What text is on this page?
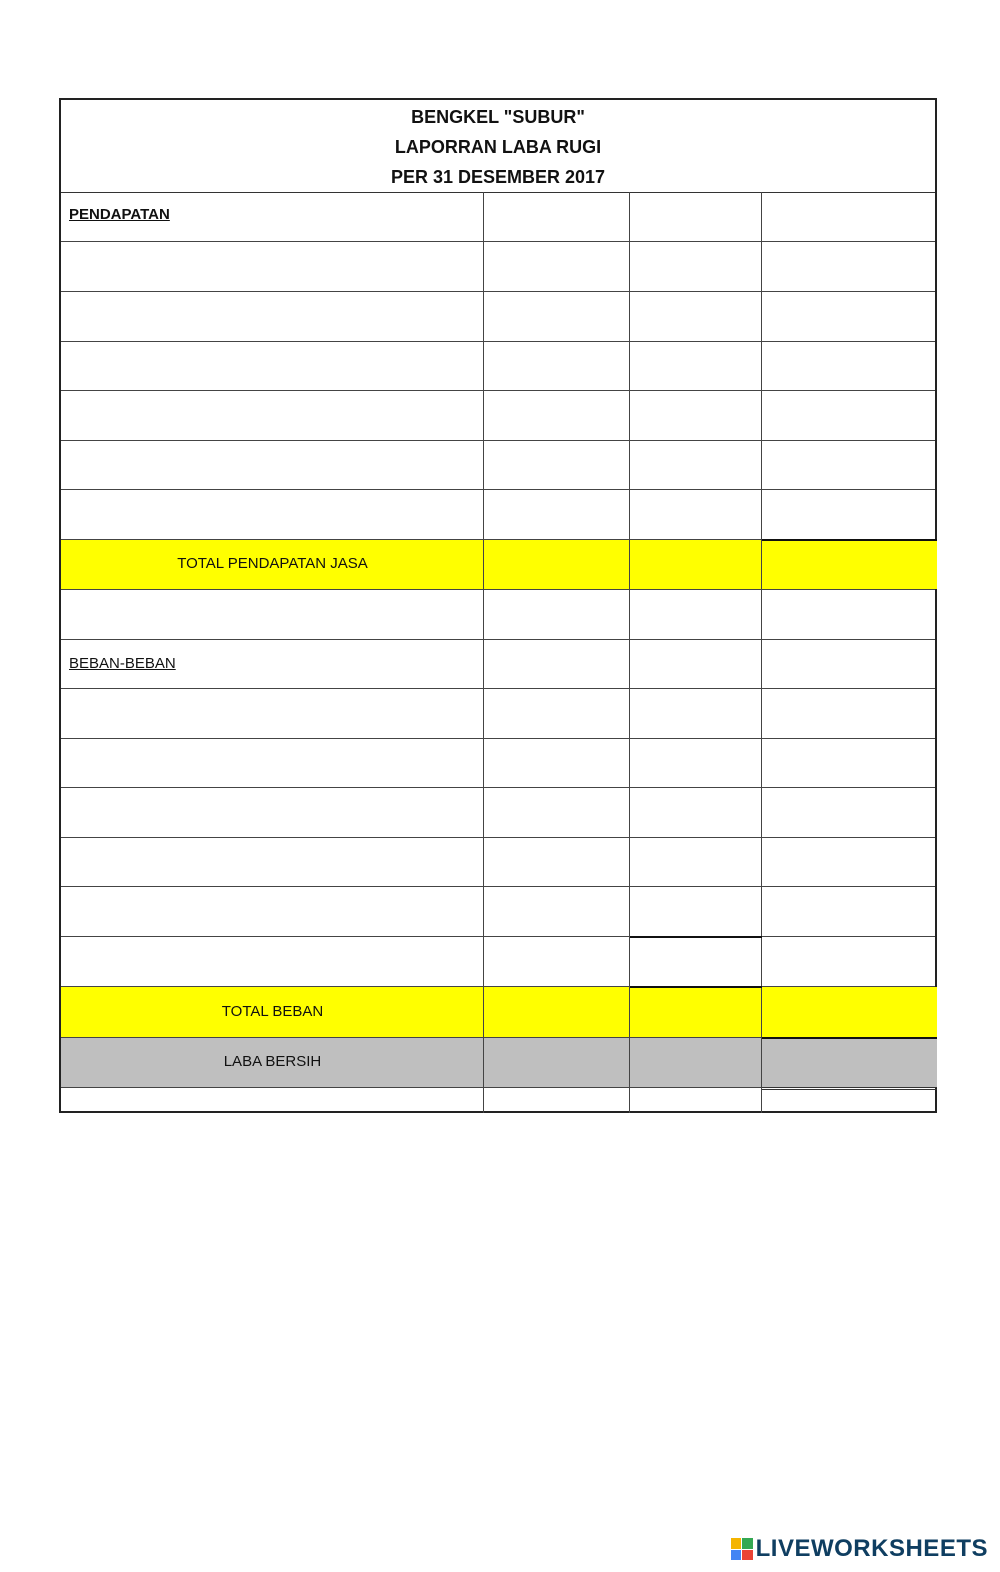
BENGKEL "SUBUR"
LAPORRAN LABA RUGI
PER 31 DESEMBER 2017
PENDAPATAN
TOTAL PENDAPATAN JASA
BEBAN-BEBAN
TOTAL BEBAN
LABA BERSIH
LIVEWORKSHEETS
